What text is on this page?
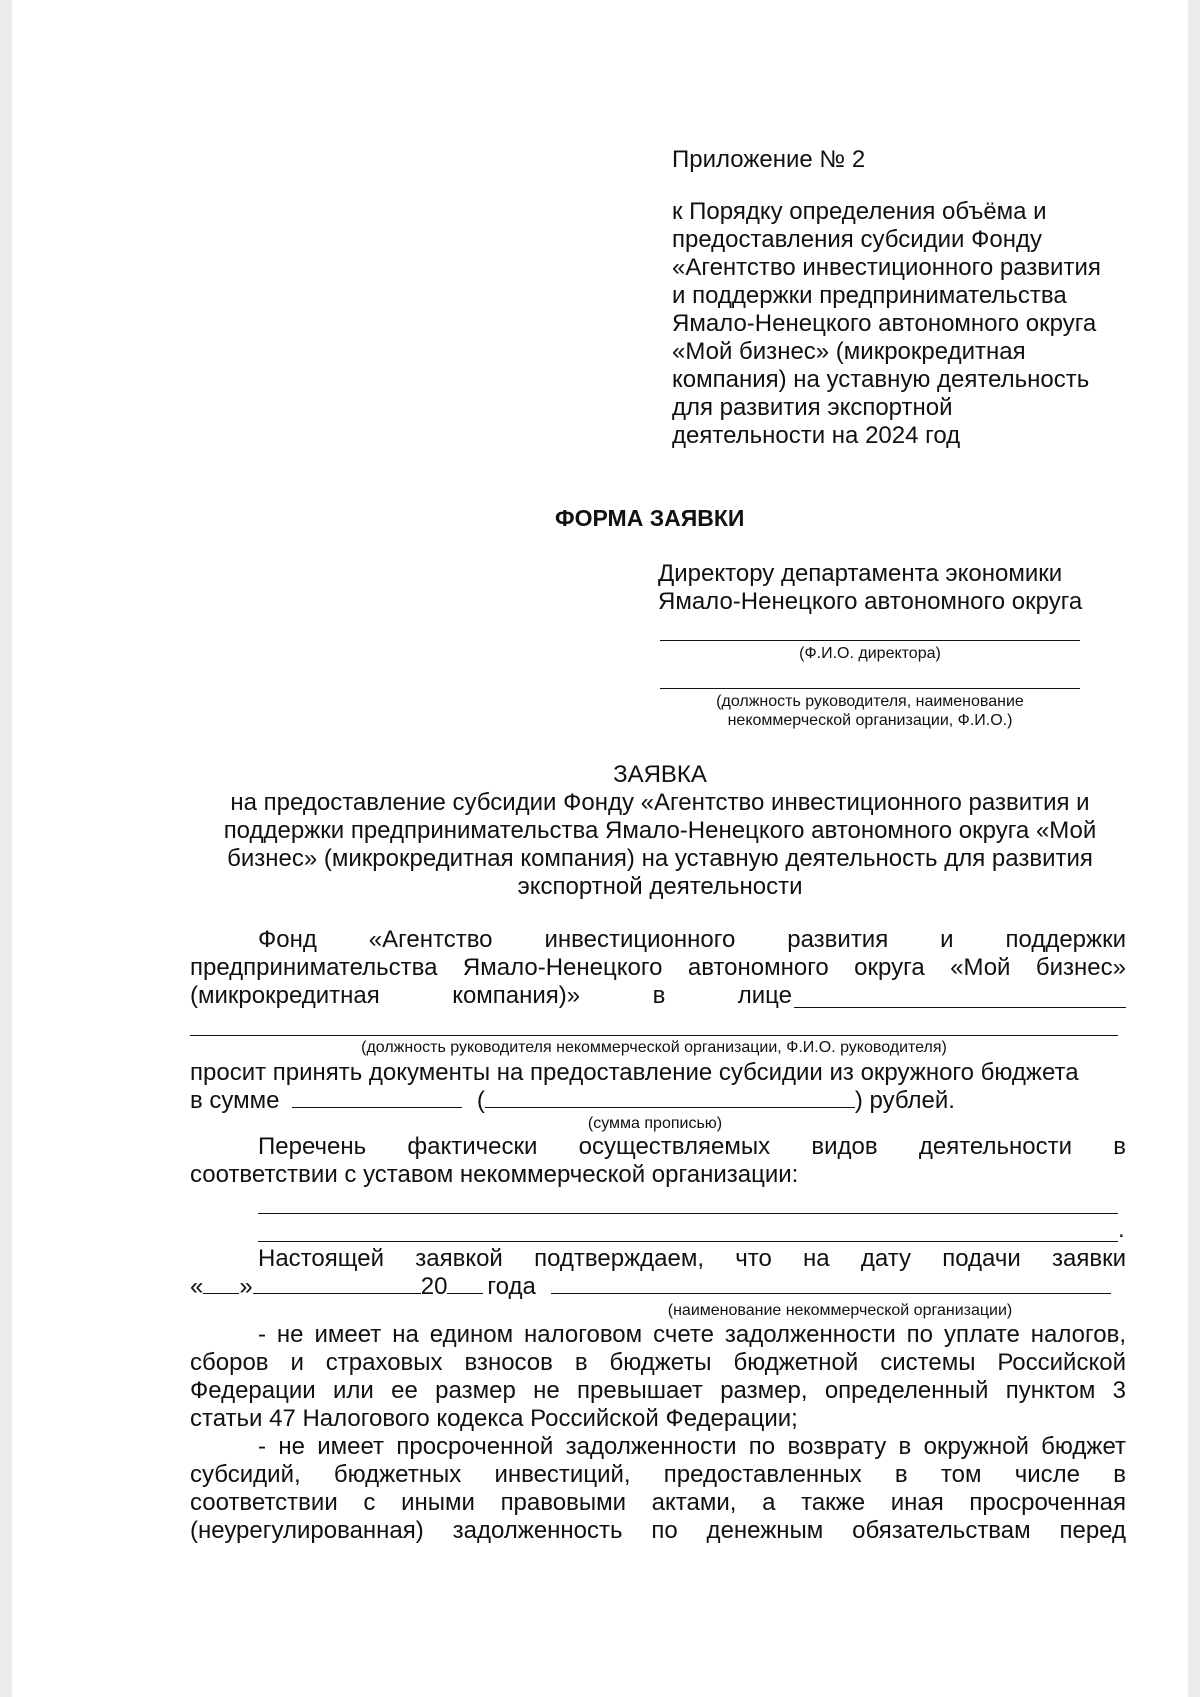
Приложение № 2
к Порядку определения объёма и
предоставления субсидии Фонду
«Агентство инвестиционного развития
и поддержки предпринимательства
Ямало-Ненецкого автономного округа
«Мой бизнес» (микрокредитная
компания) на уставную деятельность
для развития экспортной
деятельности на 2024 год
ФОРМА ЗАЯВКИ
Директору департамента экономики
Ямало-Ненецкого автономного округа
(Ф.И.О. директора)
(должность руководителя, наименование
некоммерческой организации, Ф.И.О.)
ЗАЯВКА
на предоставление субсидии Фонду «Агентство инвестиционного развития и
поддержки предпринимательства Ямало-Ненецкого автономного округа «Мой
бизнес» (микрокредитная компания) на уставную деятельность для развития
экспортной деятельности
Фонд «Агентство инвестиционного развития и поддержки
предпринимательства Ямало-Ненецкого автономного округа «Мой бизнес»
(микрокредитная компания)» в лице
(должность руководителя некоммерческой организации, Ф.И.О. руководителя)
просит принять документы на предоставление субсидии из окружного бюджета
в сумме	(	) рублей.
(сумма прописью)
Перечень фактически осуществляемых видов деятельности в
соответствии с уставом некоммерческой организации:
.
Настоящей заявкой подтверждаем, что на дату подачи заявки
« »	20 года
(наименование некоммерческой организации)
- не имеет на едином налоговом счете задолженности по уплате налогов,
сборов и страховых взносов в бюджеты бюджетной системы Российской
Федерации или ее размер не превышает размер, определенный пунктом 3
статьи 47 Налогового кодекса Российской Федерации;
- не имеет просроченной задолженности по возврату в окружной бюджет
субсидий, бюджетных инвестиций, предоставленных в том числе в
соответствии с иными правовыми актами, а также иная просроченная
(неурегулированная) задолженность по денежным обязательствам перед
